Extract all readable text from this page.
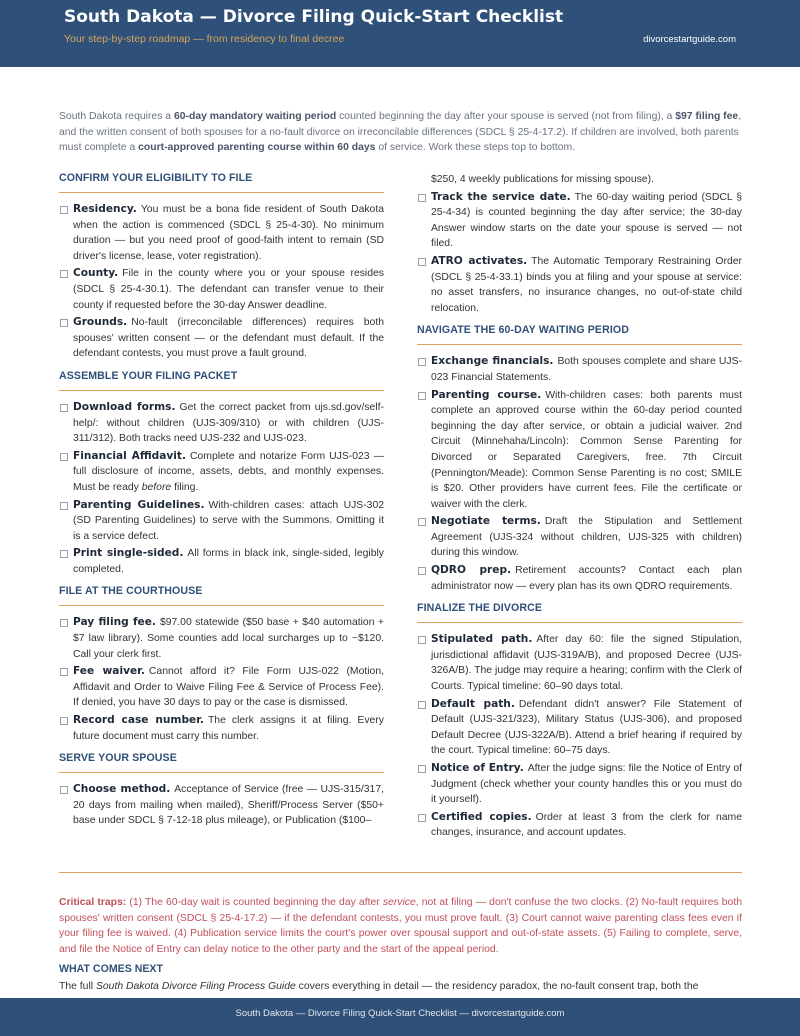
South Dakota — Divorce Filing Quick-Start Checklist
Your step-by-step roadmap — from residency to final decree	divorcestartguide.com
South Dakota requires a 60-day mandatory waiting period counted beginning the day after your spouse is served (not from filing), a $97 filing fee, and the written consent of both spouses for a no-fault divorce on irreconcilable differences (SDCL § 25-4-17.2). If children are involved, both parents must complete a court-approved parenting course within 60 days of service. Work these steps top to bottom.
CONFIRM YOUR ELIGIBILITY TO FILE
Residency. You must be a bona fide resident of South Dakota when the action is commenced (SDCL § 25-4-30). No minimum duration — but you need proof of good-faith intent to remain (SD driver's license, lease, voter registration).
County. File in the county where you or your spouse resides (SDCL § 25-4-30.1). The defendant can transfer venue to their county if requested before the 30-day Answer deadline.
Grounds. No-fault (irreconcilable differences) requires both spouses' written consent — or the defendant must default. If the defendant contests, you must prove a fault ground.
ASSEMBLE YOUR FILING PACKET
Download forms. Get the correct packet from ujs.sd.gov/self-help/: without children (UJS-309/310) or with children (UJS-311/312). Both tracks need UJS-232 and UJS-023.
Financial Affidavit. Complete and notarize Form UJS-023 — full disclosure of income, assets, debts, and monthly expenses. Must be ready before filing.
Parenting Guidelines. With-children cases: attach UJS-302 (SD Parenting Guidelines) to serve with the Summons. Omitting it is a service defect.
Print single-sided. All forms in black ink, single-sided, legibly completed.
FILE AT THE COURTHOUSE
Pay filing fee. $97.00 statewide ($50 base + $40 automation + $7 law library). Some counties add local surcharges up to ~$120. Call your clerk first.
Fee waiver. Cannot afford it? File Form UJS-022 (Motion, Affidavit and Order to Waive Filing Fee & Service of Process Fee). If denied, you have 30 days to pay or the case is dismissed.
Record case number. The clerk assigns it at filing. Every future document must carry this number.
SERVE YOUR SPOUSE
Choose method. Acceptance of Service (free — UJS-315/317, 20 days from mailing when mailed), Sheriff/Process Server ($50+ base under SDCL § 7-12-18 plus mileage), or Publication ($100–
$250, 4 weekly publications for missing spouse).
Track the service date. The 60-day waiting period (SDCL § 25-4-34) is counted beginning the day after service; the 30-day Answer window starts on the date your spouse is served — not filed.
ATRO activates. The Automatic Temporary Restraining Order (SDCL § 25-4-33.1) binds you at filing and your spouse at service: no asset transfers, no insurance changes, no out-of-state child relocation.
NAVIGATE THE 60-DAY WAITING PERIOD
Exchange financials. Both spouses complete and share UJS-023 Financial Statements.
Parenting course. With-children cases: both parents must complete an approved course within the 60-day period counted beginning the day after service, or obtain a judicial waiver. 2nd Circuit (Minnehaha/Lincoln): Common Sense Parenting for Divorced or Separated Caregivers, free. 7th Circuit (Pennington/Meade): Common Sense Parenting is no cost; SMILE is $20. Other providers have current fees. File the certificate or waiver with the clerk.
Negotiate terms. Draft the Stipulation and Settlement Agreement (UJS-324 without children, UJS-325 with children) during this window.
QDRO prep. Retirement accounts? Contact each plan administrator now — every plan has its own QDRO requirements.
FINALIZE THE DIVORCE
Stipulated path. After day 60: file the signed Stipulation, jurisdictional affidavit (UJS-319A/B), and proposed Decree (UJS-326A/B). The judge may require a hearing; confirm with the Clerk of Courts. Typical timeline: 60–90 days total.
Default path. Defendant didn't answer? File Statement of Default (UJS-321/323), Military Status (UJS-306), and proposed Default Decree (UJS-322A/B). Attend a brief hearing if required by the court. Typical timeline: 60–75 days.
Notice of Entry. After the judge signs: file the Notice of Entry of Judgment (check whether your county handles this or you must do it yourself).
Certified copies. Order at least 3 from the clerk for name changes, insurance, and account updates.
Critical traps: (1) The 60-day wait is counted beginning the day after service, not at filing — don't confuse the two clocks. (2) No-fault requires both spouses' written consent (SDCL § 25-4-17.2) — if the defendant contests, you must prove fault. (3) Court cannot waive parenting class fees even if your filing fee is waived. (4) Publication service limits the court's power over spousal support and out-of-state assets. (5) Failing to complete, serve, and file the Notice of Entry can delay notice to the other party and the start of the appeal period.
WHAT COMES NEXT
The full South Dakota Divorce Filing Process Guide covers everything in detail — the residency paradox, the no-fault consent trap, both the
South Dakota — Divorce Filing Quick-Start Checklist — divorcestartguide.com
